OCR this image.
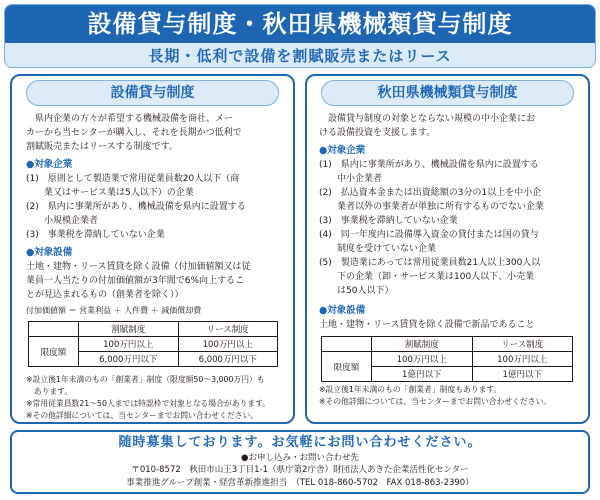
設備貸与制度・秋田県機械類貸与制度
長期・低利で設備を割賦販売またはリース
設備貸与制度
　県内企業の方々が希望する機械設備を商社、メー
カーから当センターが購入し、それを長期かつ低利で
割賦販売またはリースする制度です。
●対象企業
(1)　原則として製造業で常用従業員数20人以下（商
　　業又はサービス業は5人以下）の企業
(2)　県内に事業所があり、機械設備を県内に設置する
　　小規模企業者
(3)　事業税を滞納していない企業
●対象設備
土地・建物・リース賃貸を除く設備（付加価値額又は従
業員一人当たりの付加価値額が3年間で6%向上するこ
とが見込まれるもの（創業者を除く））
付加価値額 ＝ 営業利益 ＋ 人件費 ＋ 減価償却費
	割賦制度	リース制度
限度額	100万円以上	100万円以上
	6,000万円以下	6,000万円以下
※設立後1年未満のもの「創業者」制度（限度額50〜3,000万円）も
　あります。
※常用従業員数21〜50人までは特認枠で対象となる場合があります。
※その他詳細については、当センターまでお問い合わせください。
秋田県機械類貸与制度
　設備貸与制度の対象とならない規模の中小企業にお
ける設備投資を支援します。
●対象企業
(1)　県内に事業所があり、機械設備を県内に設置する
　　中小企業者
(2)　払込資本金または出資総額の3分の1以上を中小企
　　業者以外の事業者が単独に所有するものでない企業
(3)　事業税を滞納していない企業
(4)　同一年度内に設備導入資金の貸付または国の貸与
　　制度を受けていない企業
(5)　製造業にあっては常用従業員数21人以上300人以
　　下の企業（卸・サービス業は100人以下、小売業
　　は50人以下）
●対象設備
土地・建物・リース賃貸を除く設備で新品であること
	割賦制度	リース制度
限度額	100万円以上	100万円以上
	1億円以下	1億円以下
※設立後1年未満のもの「創業者」制度もあります。
※その他詳細については、当センターまでお問い合わせください。
随時募集しております。お気軽にお問い合わせください。
●お申し込み・お問い合わせ先
〒010-8572　秋田市山王3丁目1-1（県庁第2庁舎）財団法人あきた企業活性化センター
事業推進グループ創業・経営革新推進担当　（TEL 018-860-5702　FAX 018-863-2390）
